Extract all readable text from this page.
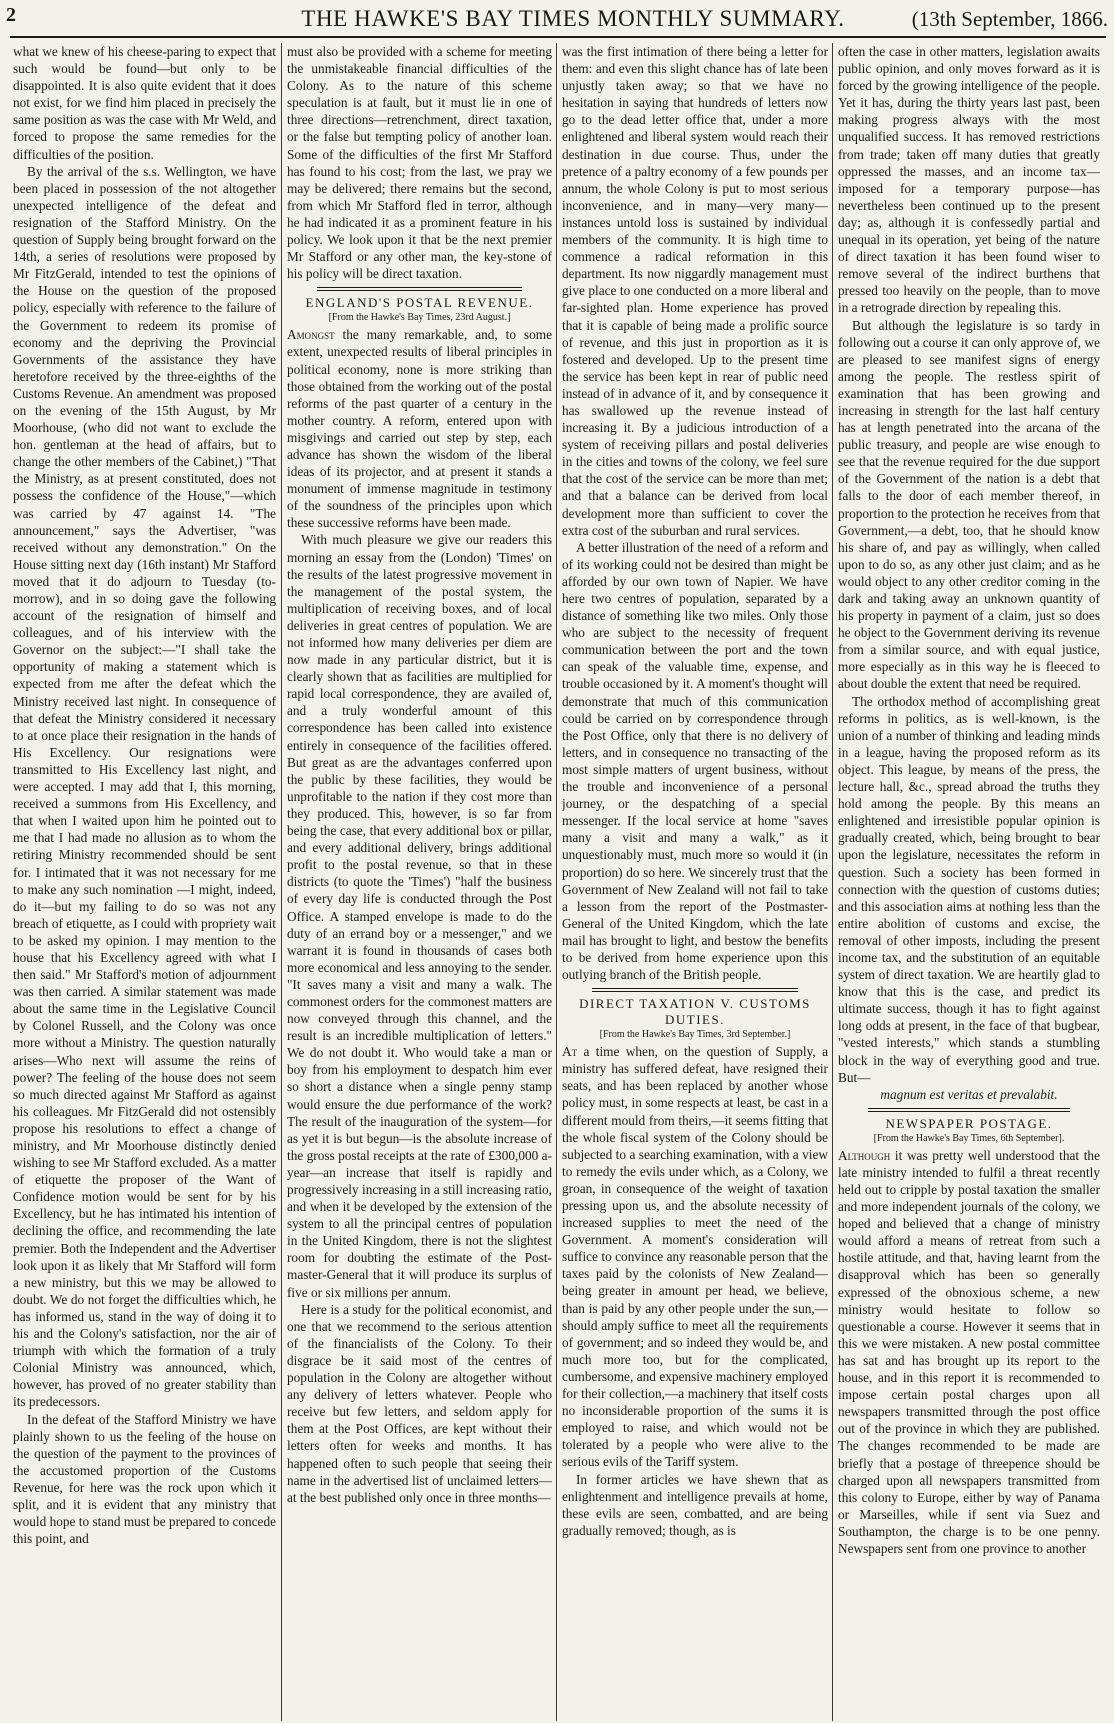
2	THE HAWKE'S BAY TIMES MONTHLY SUMMARY.	(13th September, 1866.

what we knew of his cheese-paring to expect that such would be found—but only to be disappointed. It is also quite evident that it does not exist, for we find him placed in precisely the same position as was the case with Mr Weld, and forced to propose the same remedies for the difficulties of the position.

By the arrival of the s.s. Wellington, we have been placed in possession of the not altogether unexpected intelligence of the defeat and resignation of the Stafford Ministry. On the question of Supply being brought forward on the 14th, a series of resolutions were proposed by Mr FitzGerald, intended to test the opinions of the House on the question of the proposed policy, especially with reference to the failure of the Government to redeem its promise of economy and the depriving the Provincial Governments of the assistance they have heretofore received by the three-eighths of the Customs Revenue. An amendment was proposed on the evening of the 15th August, by Mr Moorhouse, (who did not want to exclude the hon. gentleman at the head of affairs, but to change the other members of the Cabinet,) "That the Ministry, as at present constituted, does not possess the confidence of the House,"—which was carried by 47 against 14. "The announcement," says the Advertiser, "was received without any demonstration." On the House sitting next day (16th instant) Mr Stafford moved that it do adjourn to Tuesday (to-morrow), and in so doing gave the following account of the resignation of himself and colleagues, and of his interview with the Governor on the subject:—"I shall take the opportunity of making a statement which is expected from me after the defeat which the Ministry received last night. In consequence of that defeat the Ministry considered it necessary to at once place their resignation in the hands of His Excellency. Our resignations were transmitted to His Excellency last night, and were accepted. I may add that I, this morning, received a summons from His Excellency, and that when I waited upon him he pointed out to me that I had made no allusion as to whom the retiring Ministry recommended should be sent for. I intimated that it was not necessary for me to make any such nomination —I might, indeed, do it—but my failing to do so was not any breach of etiquette, as I could with propriety wait to be asked my opinion. I may mention to the house that his Excellency agreed with what I then said." Mr Stafford's motion of adjournment was then carried. A similar statement was made about the same time in the Legislative Council by Colonel Russell, and the Colony was once more without a Ministry. The question naturally arises—Who next will assume the reins of power? The feeling of the house does not seem so much directed against Mr Stafford as against his colleagues. Mr FitzGerald did not ostensibly propose his resolutions to effect a change of ministry, and Mr Moorhouse distinctly denied wishing to see Mr Stafford excluded. As a matter of etiquette the proposer of the Want of Confidence motion would be sent for by his Excellency, but he has intimated his intention of declining the office, and recommending the late premier. Both the Independent and the Advertiser look upon it as likely that Mr Stafford will form a new ministry, but this we may be allowed to doubt. We do not forget the difficulties which, he has informed us, stand in the way of doing it to his and the Colony's satisfaction, nor the air of triumph with which the formation of a truly Colonial Ministry was announced, which, however, has proved of no greater stability than its predecessors.

In the defeat of the Stafford Ministry we have plainly shown to us the feeling of the house on the question of the payment to the provinces of the accustomed proportion of the Customs Revenue, for here was the rock upon which it split, and it is evident that any ministry that would hope to stand must be prepared to concede this point, and

must also be provided with a scheme for meeting the unmistakeable financial difficulties of the Colony. As to the nature of this scheme speculation is at fault, but it must lie in one of three directions—retrenchment, direct taxation, or the false but tempting policy of another loan. Some of the difficulties of the first Mr Stafford has found to his cost; from the last, we pray we may be delivered; there remains but the second, from which Mr Stafford fled in terror, although he had indicated it as a prominent feature in his policy. We look upon it that be the next premier Mr Stafford or any other man, the key-stone of his policy will be direct taxation.

ENGLAND'S POSTAL REVENUE.
[From the Hawke's Bay Times, 23rd August.]

Amongst the many remarkable, and, to some extent, unexpected results of liberal principles in political economy, none is more striking than those obtained from the working out of the postal reforms of the past quarter of a century in the mother country. A reform, entered upon with misgivings and carried out step by step, each advance has shown the wisdom of the liberal ideas of its projector, and at present it stands a monument of immense magnitude in testimony of the soundness of the principles upon which these successive reforms have been made.

With much pleasure we give our readers this morning an essay from the (London) 'Times' on the results of the latest progressive movement in the management of the postal system, the multiplication of receiving boxes, and of local deliveries in great centres of population. We are not informed how many deliveries per diem are now made in any particular district, but it is clearly shown that as facilities are multiplied for rapid local correspondence, they are availed of, and a truly wonderful amount of this correspondence has been called into existence entirely in consequence of the facilities offered. But great as are the advantages conferred upon the public by these facilities, they would be unprofitable to the nation if they cost more than they produced. This, however, is so far from being the case, that every additional box or pillar, and every additional delivery, brings additional profit to the postal revenue, so that in these districts (to quote the 'Times') "half the business of every day life is conducted through the Post Office. A stamped envelope is made to do the duty of an errand boy or a messenger," and we warrant it is found in thousands of cases both more economical and less annoying to the sender. "It saves many a visit and many a walk. The commonest orders for the commonest matters are now conveyed through this channel, and the result is an incredible multiplication of letters." We do not doubt it. Who would take a man or boy from his employment to despatch him ever so short a distance when a single penny stamp would ensure the due performance of the work? The result of the inauguration of the system—for as yet it is but begun—is the absolute increase of the gross postal receipts at the rate of £300,000 a-year—an increase that itself is rapidly and progressively increasing in a still increasing ratio, and when it be developed by the extension of the system to all the principal centres of population in the United Kingdom, there is not the slightest room for doubting the estimate of the Post-master-General that it will produce its surplus of five or six millions per annum.

Here is a study for the political economist, and one that we recommend to the serious attention of the financialists of the Colony. To their disgrace be it said most of the centres of population in the Colony are altogether without any delivery of letters whatever. People who receive but few letters, and seldom apply for them at the Post Offices, are kept without their letters often for weeks and months. It has happened often to such people that seeing their name in the advertised list of unclaimed letters—at the best published only once in three months—

was the first intimation of there being a letter for them: and even this slight chance has of late been unjustly taken away; so that we have no hesitation in saying that hundreds of letters now go to the dead letter office that, under a more enlightened and liberal system would reach their destination in due course. Thus, under the pretence of a paltry economy of a few pounds per annum, the whole Colony is put to most serious inconvenience, and in many—very many—instances untold loss is sustained by individual members of the community. It is high time to commence a radical reformation in this department. Its now niggardly management must give place to one conducted on a more liberal and far-sighted plan. Home experience has proved that it is capable of being made a prolific source of revenue, and this just in proportion as it is fostered and developed. Up to the present time the service has been kept in rear of public need instead of in advance of it, and by consequence it has swallowed up the revenue instead of increasing it. By a judicious introduction of a system of receiving pillars and postal deliveries in the cities and towns of the colony, we feel sure that the cost of the service can be more than met; and that a balance can be derived from local development more than sufficient to cover the extra cost of the suburban and rural services.

A better illustration of the need of a reform and of its working could not be desired than might be afforded by our own town of Napier. We have here two centres of population, separated by a distance of something like two miles. Only those who are subject to the necessity of frequent communication between the port and the town can speak of the valuable time, expense, and trouble occasioned by it. A moment's thought will demonstrate that much of this communication could be carried on by correspondence through the Post Office, only that there is no delivery of letters, and in consequence no transacting of the most simple matters of urgent business, without the trouble and inconvenience of a personal journey, or the despatching of a special messenger. If the local service at home "saves many a visit and many a walk," as it unquestionably must, much more so would it (in proportion) do so here. We sincerely trust that the Government of New Zealand will not fail to take a lesson from the report of the Postmaster-General of the United Kingdom, which the late mail has brought to light, and bestow the benefits to be derived from home experience upon this outlying branch of the British people.

DIRECT TAXATION V. CUSTOMS DUTIES.
[From the Hawke's Bay Times, 3rd September.]

At a time when, on the question of Supply, a ministry has suffered defeat, have resigned their seats, and has been replaced by another whose policy must, in some respects at least, be cast in a different mould from theirs,—it seems fitting that the whole fiscal system of the Colony should be subjected to a searching examination, with a view to remedy the evils under which, as a Colony, we groan, in consequence of the weight of taxation pressing upon us, and the absolute necessity of increased supplies to meet the need of the Government. A moment's consideration will suffice to convince any reasonable person that the taxes paid by the colonists of New Zealand—being greater in amount per head, we believe, than is paid by any other people under the sun,—should amply suffice to meet all the requirements of government; and so indeed they would be, and much more too, but for the complicated, cumbersome, and expensive machinery employed for their collection,—a machinery that itself costs no inconsiderable proportion of the sums it is employed to raise, and which would not be tolerated by a people who were alive to the serious evils of the Tariff system.

In former articles we have shewn that as enlightenment and intelligence prevails at home, these evils are seen, combatted, and are being gradually removed; though, as is

often the case in other matters, legislation awaits public opinion, and only moves forward as it is forced by the growing intelligence of the people. Yet it has, during the thirty years last past, been making progress always with the most unqualified success. It has removed restrictions from trade; taken off many duties that greatly oppressed the masses, and an income tax—imposed for a temporary purpose—has nevertheless been continued up to the present day; as, although it is confessedly partial and unequal in its operation, yet being of the nature of direct taxation it has been found wiser to remove several of the indirect burthens that pressed too heavily on the people, than to move in a retrograde direction by repealing this.

But although the legislature is so tardy in following out a course it can only approve of, we are pleased to see manifest signs of energy among the people. The restless spirit of examination that has been growing and increasing in strength for the last half century has at length penetrated into the arcana of the public treasury, and people are wise enough to see that the revenue required for the due support of the Government of the nation is a debt that falls to the door of each member thereof, in proportion to the protection he receives from that Government,—a debt, too, that he should know his share of, and pay as willingly, when called upon to do so, as any other just claim; and as he would object to any other creditor coming in the dark and taking away an unknown quantity of his property in payment of a claim, just so does he object to the Government deriving its revenue from a similar source, and with equal justice, more especially as in this way he is fleeced to about double the extent that need be required.

The orthodox method of accomplishing great reforms in politics, as is well-known, is the union of a number of thinking and leading minds in a league, having the proposed reform as its object. This league, by means of the press, the lecture hall, &c., spread abroad the truths they hold among the people. By this means an enlightened and irresistible popular opinion is gradually created, which, being brought to bear upon the legislature, necessitates the reform in question. Such a society has been formed in connection with the question of customs duties; and this association aims at nothing less than the entire abolition of customs and excise, the removal of other imposts, including the present income tax, and the substitution of an equitable system of direct taxation. We are heartily glad to know that this is the case, and predict its ultimate success, though it has to fight against long odds at present, in the face of that bugbear, "vested interests," which stands a stumbling block in the way of everything good and true. But—

magnum est veritas et prevalabit.

NEWSPAPER POSTAGE.
[From the Hawke's Bay Times, 6th September].

Although it was pretty well understood that the late ministry intended to fulfil a threat recently held out to cripple by postal taxation the smaller and more independent journals of the colony, we hoped and believed that a change of ministry would afford a means of retreat from such a hostile attitude, and that, having learnt from the disapproval which has been so generally expressed of the obnoxious scheme, a new ministry would hesitate to follow so questionable a course. However it seems that in this we were mistaken. A new postal committee has sat and has brought up its report to the house, and in this report it is recommended to impose certain postal charges upon all newspapers transmitted through the post office out of the province in which they are published. The changes recommended to be made are briefly that a postage of threepence should be charged upon all newspapers transmitted from this colony to Europe, either by way of Panama or Marseilles, while if sent via Suez and Southampton, the charge is to be one penny. Newspapers sent from one province to another
